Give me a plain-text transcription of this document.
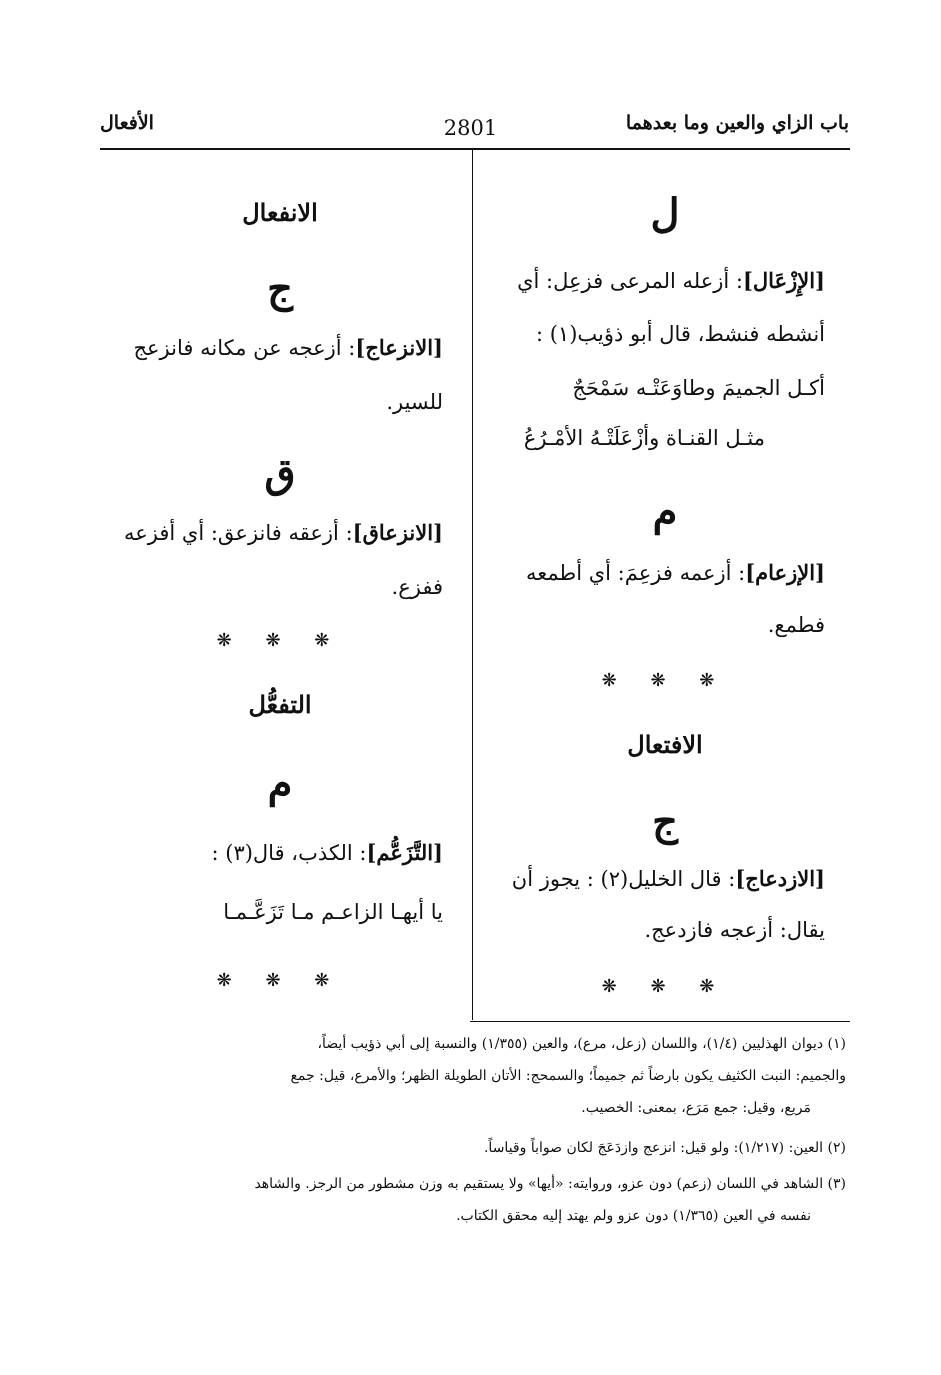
باب الزاي والعين وما بعدهما
2801
الأفعال
ل
[الإِزْعَال]: أزعله المرعى فزعِل: أي
أنشطه فنشط، قال أبو ذؤيب(١) :
أكـل الجميمَ وطاوَعَتْـه سَمْحَجٌ
مثـل القنـاة وأزْعَلَتْـهُ الأمْـرُعُ
م
[الإزعام]: أزعمه فزعِمَ: أي أطمعه
فطمع.
❋ ❋ ❋
الافتعال
ج
[الازدعاج]: قال الخليل(٢) : يجوز أن
يقال: أزعجه فازدعج.
❋ ❋ ❋
الانفعال
ج
[الانزعاج]: أزعجه عن مكانه فانزعج
للسير.
ق
[الانزعاق]: أزعقه فانزعق: أي أفزعه
ففزع.
❋ ❋ ❋
التفعُّل
م
[التَّزَعُّم]: الكذب، قال(٣) :
يا أيهـا الزاعـم مـا تَزَعَّـمـا
❋ ❋ ❋
(١) ديوان الهذليين (١/٤)، واللسان (زعل، مرع)، والعين (١/٣٥٥) والنسبة إلى أبي ذؤيب أيضاً،
والجميم: النبت الكثيف يكون بارضاً ثم جميماً؛ والسمحج: الأتان الطويلة الظهر؛ والأمرع، قيل: جمع
مَريع، وقيل: جمع مَرَع، بمعنى: الخصيب.
(٢) العين: (١/٢١٧): ولو قيل: انزعج وازدَعَجَ لكان صواباً وقياساً.
(٣) الشاهد في اللسان (زعم) دون عزو، وروايته: «أيها» ولا يستقيم به وزن مشطور من الرجز. والشاهد
نفسه في العين (١/٣٦٥) دون عزو ولم يهتد إليه محقق الكتاب.
